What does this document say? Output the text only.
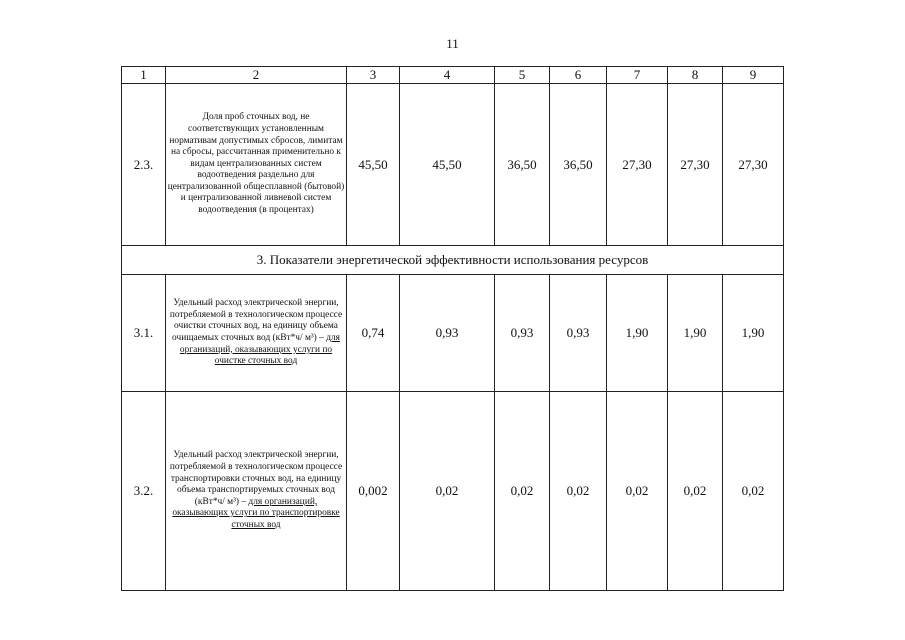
11
1	2	3	4	5	6	7	8	9
2.3.	Доля проб сточных вод, не соответствующих установленным нормативам допустимых сбросов, лимитам на сбросы, рассчитанная применительно к видам централизованных систем водоотведения раздельно для централизованной общесплавной (бытовой) и централизованной ливневой систем водоотведения (в процентах)	45,50	45,50	36,50	36,50	27,30	27,30	27,30
3. Показатели энергетической эффективности использования ресурсов								
3.1.	Удельный расход электрической энергии, потребляемой в технологическом процессе очистки сточных вод, на единицу объема очищаемых сточных вод (кВт*ч/ м³) – для организаций, оказывающих услуги по очистке сточных вод	0,74	0,93	0,93	0,93	1,90	1,90	1,90
3.2.	Удельный расход электрической энергии, потребляемой в технологическом процессе транспортировки сточных вод, на единицу объема транспортируемых сточных вод (кВт*ч/ м³) – для организаций, оказывающих услуги по транспортировке сточных вод	0,002	0,02	0,02	0,02	0,02	0,02	0,02
